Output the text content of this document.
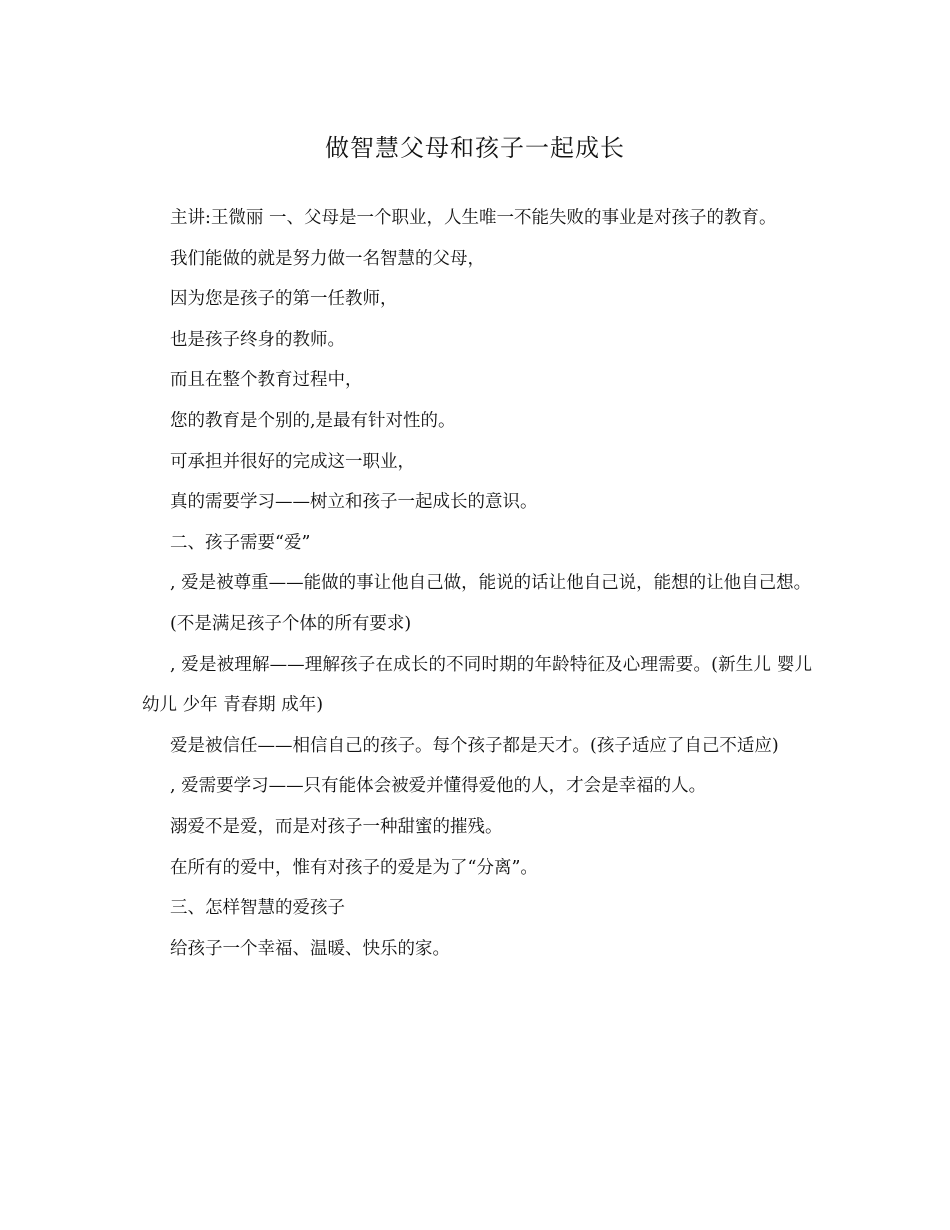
做智慧父母和孩子一起成长

主讲:王微丽 一、父母是一个职业，人生唯一不能失败的事业是对孩子的教育。

我们能做的就是努力做一名智慧的父母，

因为您是孩子的第一任教师，

也是孩子终身的教师。

而且在整个教育过程中，

您的教育是个别的,是最有针对性的。

可承担并很好的完成这一职业，

真的需要学习——树立和孩子一起成长的意识。

二、孩子需要“爱”

, 爱是被尊重——能做的事让他自己做，能说的话让他自己说，能想的让他自己想。

(不是满足孩子个体的所有要求)

, 爱是被理解——理解孩子在成长的不同时期的年龄特征及心理需要。(新生儿 婴儿 幼儿 少年 青春期 成年)

爱是被信任——相信自己的孩子。每个孩子都是天才。(孩子适应了自己不适应)

, 爱需要学习——只有能体会被爱并懂得爱他的人，才会是幸福的人。

溺爱不是爱，而是对孩子一种甜蜜的摧残。

在所有的爱中，惟有对孩子的爱是为了“分离”。

三、怎样智慧的爱孩子

给孩子一个幸福、温暖、快乐的家。
